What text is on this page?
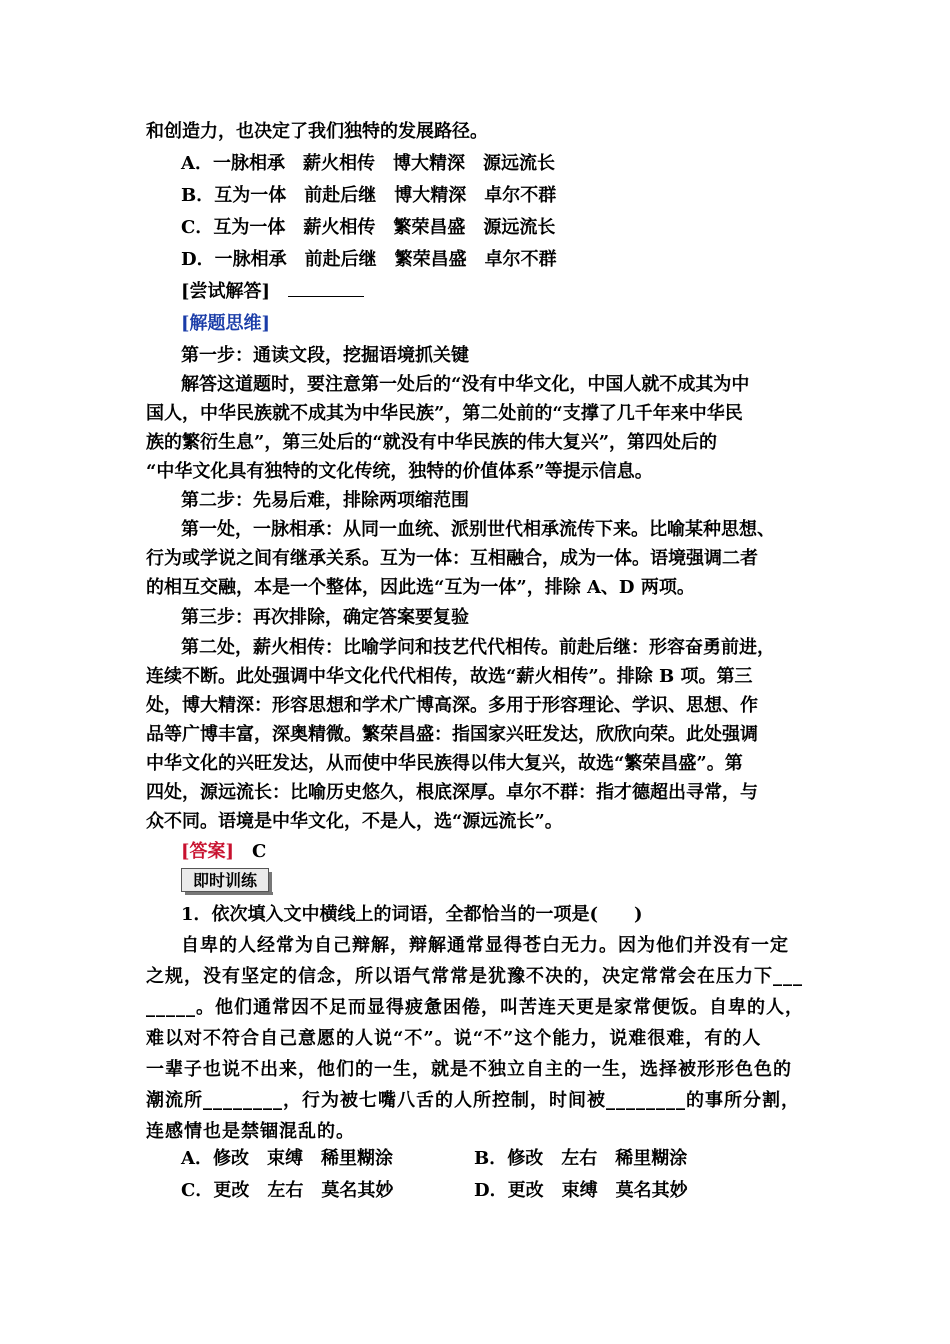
和创造力，也决定了我们独特的发展路径。
A．一脉相承　薪火相传　博大精深　源远流长
B．互为一体　前赴后继　博大精深　卓尔不群
C．互为一体　薪火相传　繁荣昌盛　源远流长
D．一脉相承　前赴后继　繁荣昌盛　卓尔不群
[尝试解答]
[解题思维]
第一步：通读文段，挖掘语境抓关键
解答这道题时，要注意第一处后的“没有中华文化，中国人就不成其为中
国人，中华民族就不成其为中华民族”，第二处前的“支撑了几千年来中华民
族的繁衍生息”，第三处后的“就没有中华民族的伟大复兴”，第四处后的
“中华文化具有独特的文化传统，独特的价值体系”等提示信息。
第二步：先易后难，排除两项缩范围
第一处，一脉相承：从同一血统、派别世代相承流传下来。比喻某种思想、
行为或学说之间有继承关系。互为一体：互相融合，成为一体。语境强调二者
的相互交融，本是一个整体，因此选“互为一体”，排除 A、D 两项。
第三步：再次排除，确定答案要复验
第二处，薪火相传：比喻学问和技艺代代相传。前赴后继：形容奋勇前进，
连续不断。此处强调中华文化代代相传，故选“薪火相传”。排除 B 项。第三
处，博大精深：形容思想和学术广博高深。多用于形容理论、学识、思想、作
品等广博丰富，深奥精微。繁荣昌盛：指国家兴旺发达，欣欣向荣。此处强调
中华文化的兴旺发达，从而使中华民族得以伟大复兴，故选“繁荣昌盛”。第
四处，源远流长：比喻历史悠久，根底深厚。卓尔不群：指才德超出寻常，与
众不同。语境是中华文化，不是人，选“源远流长”。
[答案]　 C
即时训练
1．依次填入文中横线上的词语，全都恰当的一项是(　　)
自卑的人经常为自己辩解，辩解通常显得苍白无力。因为他们并没有一定
之规，没有坚定的信念，所以语气常常是犹豫不决的，决定常常会在压力下___
_____。他们通常因不足而显得疲惫困倦，叫苦连天更是家常便饭。自卑的人，
难以对不符合自己意愿的人说“不”。说“不”这个能力，说难很难，有的人
一辈子也说不出来，他们的一生，就是不独立自主的一生，选择被形形色色的
潮流所________，行为被七嘴八舌的人所控制，时间被________的事所分割，
连感情也是禁锢混乱的。
A．修改　束缚　稀里糊涂	B．修改　左右　稀里糊涂
C．更改　左右　莫名其妙	D．更改　束缚　莫名其妙
